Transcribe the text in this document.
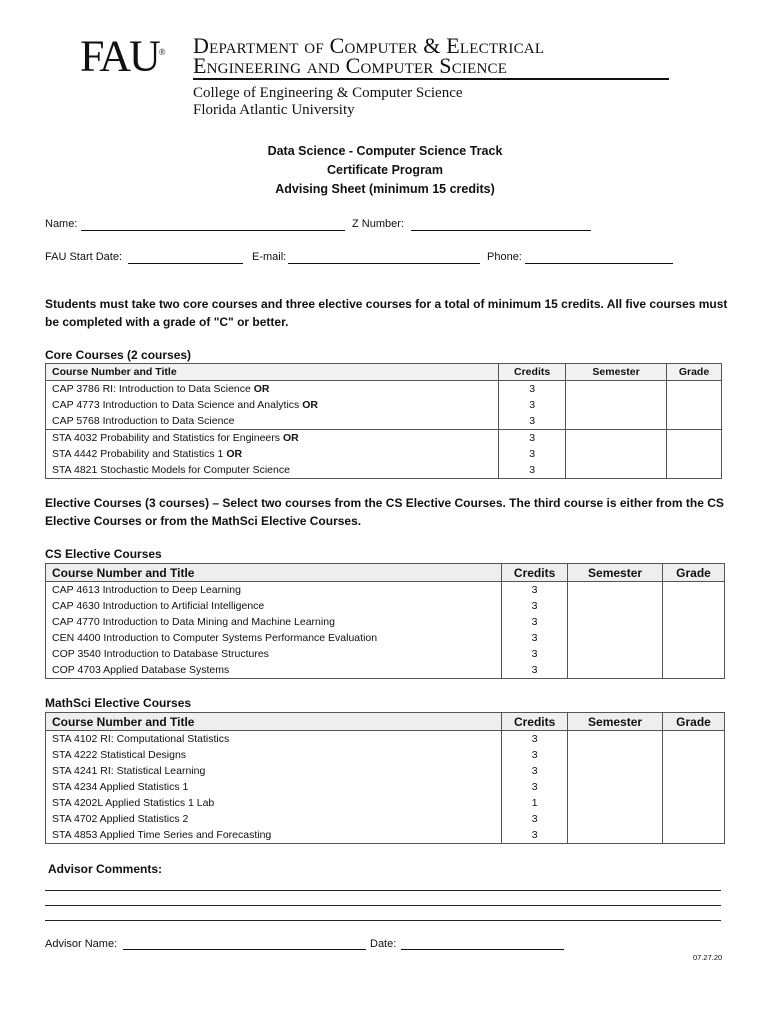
FAU® Department of Computer & Electrical
Engineering and Computer Science
College of Engineering & Computer Science
Florida Atlantic University
Data Science - Computer Science Track
Certificate Program
Advising Sheet (minimum 15 credits)
Name:	Z Number:
FAU Start Date:	E-mail:	Phone:
Students must take two core courses and three elective courses for a total of minimum 15 credits. All five courses must be completed with a grade of "C" or better.
Core Courses (2 courses)
Course Number and Title	Credits	Semester	Grade
CAP 3786 RI: Introduction to Data Science OR	3		
CAP 4773 Introduction to Data Science and Analytics OR	3		
CAP 5768 Introduction to Data Science	3		
STA 4032 Probability and Statistics for Engineers OR	3		
STA 4442 Probability and Statistics 1 OR	3		
STA 4821 Stochastic Models for Computer Science	3		
Elective Courses (3 courses) – Select two courses from the CS Elective Courses. The third course is either from the CS Elective Courses or from the MathSci Elective Courses.
CS Elective Courses
Course Number and Title	Credits	Semester	Grade
CAP 4613 Introduction to Deep Learning	3		
CAP 4630 Introduction to Artificial Intelligence	3		
CAP 4770 Introduction to Data Mining and Machine Learning	3		
CEN 4400 Introduction to Computer Systems Performance Evaluation	3		
COP 3540 Introduction to Database Structures	3		
COP 4703 Applied Database Systems	3		
MathSci Elective Courses
Course Number and Title	Credits	Semester	Grade
STA 4102 RI: Computational Statistics	3		
STA 4222 Statistical Designs	3		
STA 4241 RI: Statistical Learning	3		
STA 4234 Applied Statistics 1	3		
STA 4202L Applied Statistics 1 Lab	1		
STA 4702 Applied Statistics 2	3		
STA 4853 Applied Time Series and Forecasting	3		
Advisor Comments:
Advisor Name:	Date:
07.27.20
